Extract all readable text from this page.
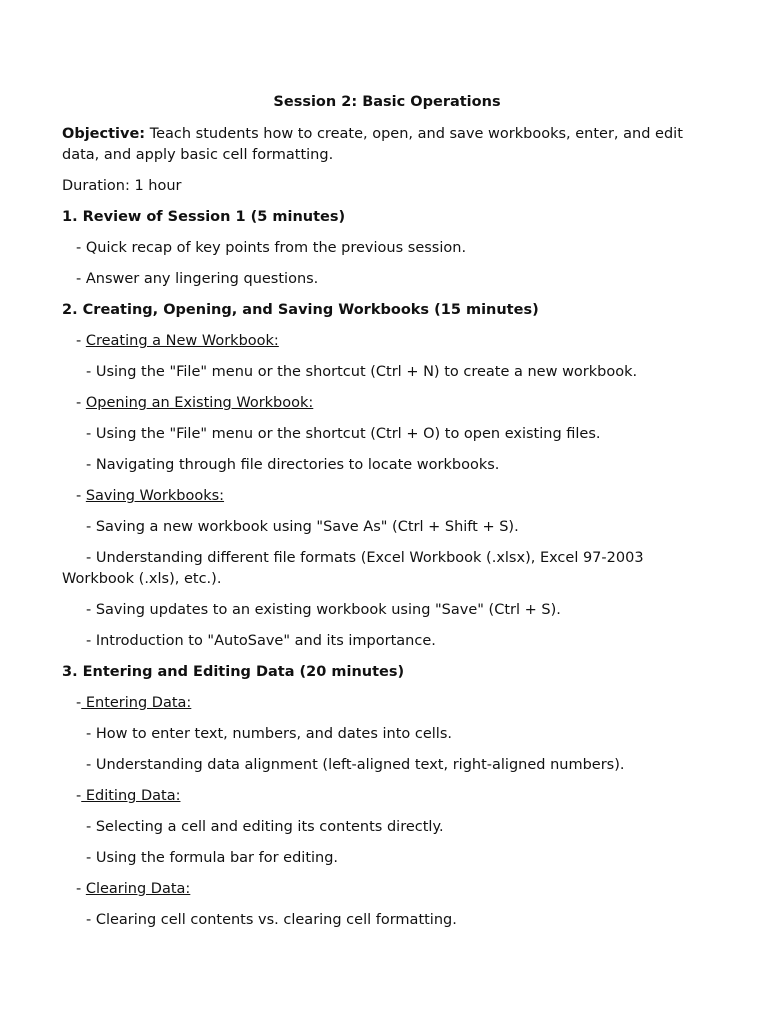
Session 2: Basic Operations

Objective: Teach students how to create, open, and save workbooks, enter, and edit data, and apply basic cell formatting.

Duration: 1 hour

1. Review of Session 1 (5 minutes)

- Quick recap of key points from the previous session.

- Answer any lingering questions.

2. Creating, Opening, and Saving Workbooks (15 minutes)

- Creating a New Workbook:

- Using the "File" menu or the shortcut (Ctrl + N) to create a new workbook.

- Opening an Existing Workbook:

- Using the "File" menu or the shortcut (Ctrl + O) to open existing files.

- Navigating through file directories to locate workbooks.

- Saving Workbooks:

- Saving a new workbook using "Save As" (Ctrl + Shift + S).

- Understanding different file formats (Excel Workbook (.xlsx), Excel 97-2003 Workbook (.xls), etc.).

- Saving updates to an existing workbook using "Save" (Ctrl + S).

- Introduction to "AutoSave" and its importance.

3. Entering and Editing Data (20 minutes)

- Entering Data:

- How to enter text, numbers, and dates into cells.

- Understanding data alignment (left-aligned text, right-aligned numbers).

- Editing Data:

- Selecting a cell and editing its contents directly.

- Using the formula bar for editing.

- Clearing Data:

- Clearing cell contents vs. clearing cell formatting.
